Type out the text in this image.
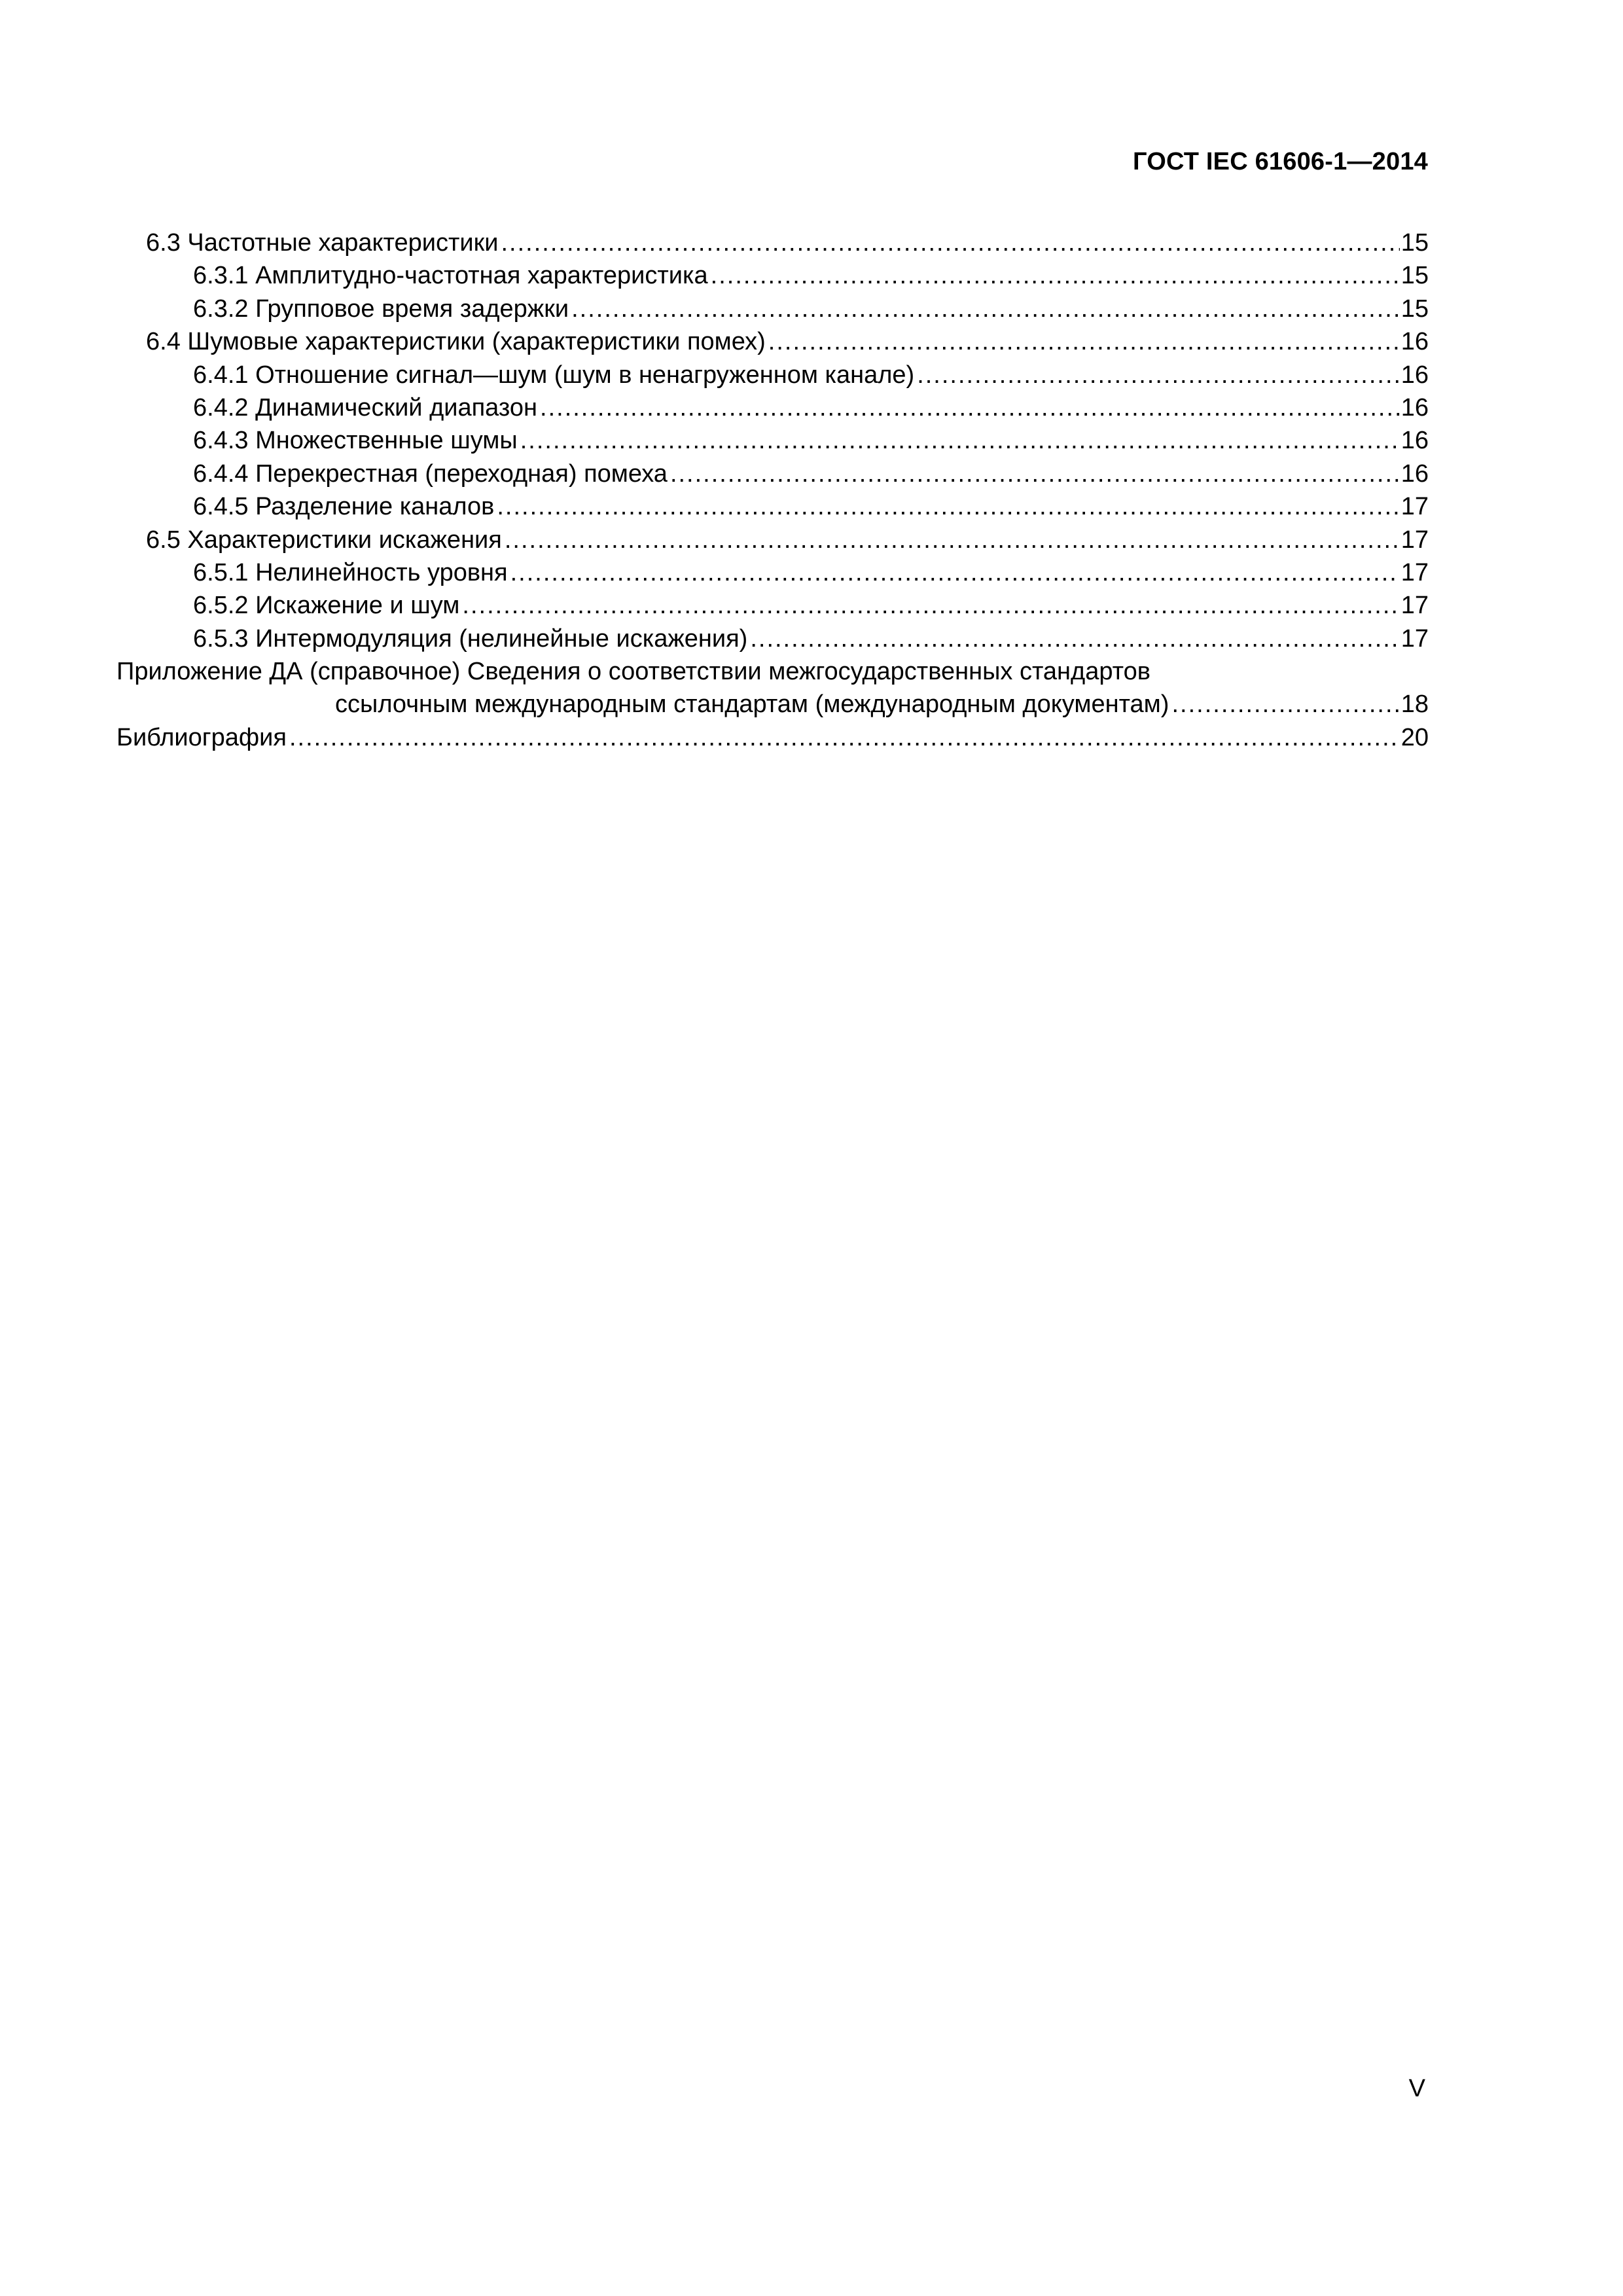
ГОСТ IEC 61606-1—2014
6.3 Частотные характеристики .....	15
6.3.1 Амплитудно-частотная характеристика .....	15
6.3.2 Групповое время задержки .....	15
6.4 Шумовые характеристики (характеристики помех) .....	16
6.4.1 Отношение сигнал—шум (шум в ненагруженном канале) .....	16
6.4.2 Динамический диапазон .....	16
6.4.3 Множественные шумы .....	16
6.4.4 Перекрестная (переходная) помеха .....	16
6.4.5 Разделение каналов .....	17
6.5 Характеристики искажения .....	17
6.5.1 Нелинейность уровня .....	17
6.5.2 Искажение и шум .....	17
6.5.3 Интермодуляция (нелинейные искажения) .....	17
Приложение ДА (справочное) Сведения о соответствии межгосударственных стандартов
ссылочным международным стандартам (международным документам) .....	18
Библиография .....	20
V
